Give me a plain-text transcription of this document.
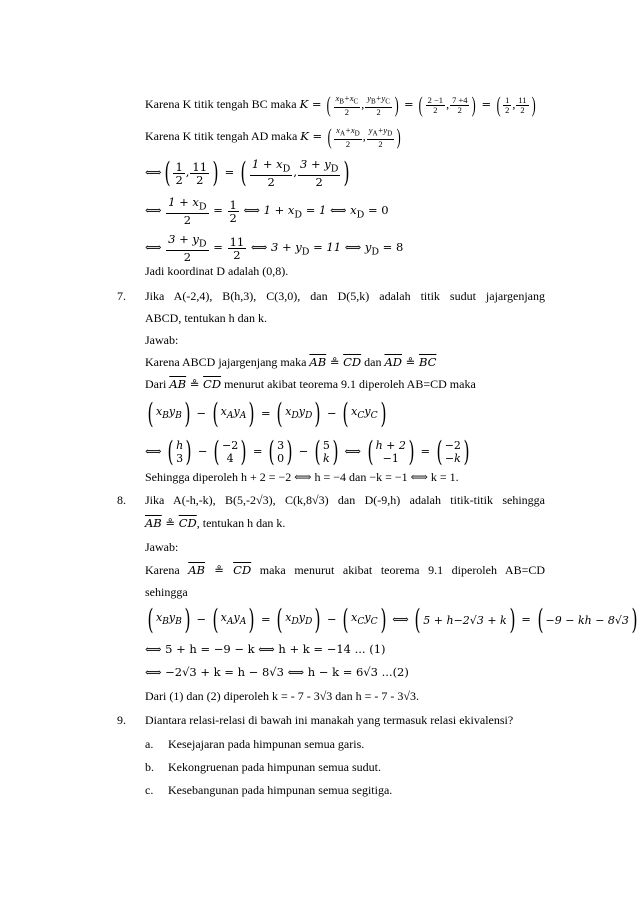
Karena K titik tengah BC maka K = ( $\frac{x_B+x_C}{2}$ , $\frac{y_B+y_C}{2}$ ) = ( $\frac{2 -1}{2}$ , $\frac{7 +4}{2}$ ) = ( $\frac{1}{2}$ , $\frac{11}{2}$ )
Karena K titik tengah AD maka K = ( $\frac{x_A+x_D}{2}$ , $\frac{y_A+y_D}{2}$ )
⟺( $\frac{1}{2}$ , $\frac{11}{2}$ ) = ( $\frac{1 + x_D}{2}$ , $\frac{3 + y_D}{2}$ )
⟺ $\frac{1 + x_D}{2} = \frac{1}{2}$ ⟺ $1 + x_D = 1$ ⟺ $x_D = 0$
⟺ $\frac{3 + y_D}{2} = \frac{11}{2}$ ⟺ $3 + y_D = 11$ ⟺ $y_D = 8$
Jadi koordinat D adalah (0,8).
7. Jika A(-2,4), B(h,3), C(3,0), dan D(5,k) adalah titik sudut jajargenjang
ABCD, tentukan h dan k.
Jawab:
Karena ABCD jajargenjang maka $\overline{AB}$ ≗ $\overline{CD}$ dan $\overline{AD}$ ≗ $\overline{BC}$
Dari $\overline{AB}$ ≗ $\overline{CD}$ menurut akibat teorema 9.1 diperoleh AB=CD maka
( $x_By_B$) − ( $x_Ay_A$) = ( $x_Dy_D$) − ( $x_Cy_C$)
⟺ ( h
3 ) − ( −2
4 ) = ( 3
0 ) − ( 5
k) ⟺ ( h + 2
−1 ) = ( −2
−k)
Sehingga diperoleh h + 2 = −2 ⟺ h = −4 dan −k = −1 ⟺ k = 1.
8. Jika A(-h,-k), B(5,-2√3), C(k,8√3) dan D(-9,h) adalah titik-titik sehingga
$\overline{AB}$ ≗ $\overline{CD}$, tentukan h dan k.
Jawab:
Karena $\overline{AB}$ ≗ $\overline{CD}$ maka menurut akibat teorema 9.1 diperoleh AB=CD
sehingga
( $x_By_B$) − ( $x_Ay_A$) = ( $x_Dy_D$) − ( $x_Cy_C$) ⟺ ( 5 + h−2√3 + k) = ( −9 − kh − 8√3)
⟺ 5 + h = −9 − k ⟺ h + k = −14 ... (1)
⟺ −2√3 + k = h − 8√3 ⟺ h − k = 6√3 ...(2)
Dari (1) dan (2) diperoleh k = - 7 - 3√3 dan h = - 7 - 3√3.
9. Diantara relasi-relasi di bawah ini manakah yang termasuk relasi ekivalensi?
a. Kesejajaran pada himpunan semua garis.
b. Kekongruenan pada himpunan semua sudut.
c. Kesebangunan pada himpunan semua segitiga.
